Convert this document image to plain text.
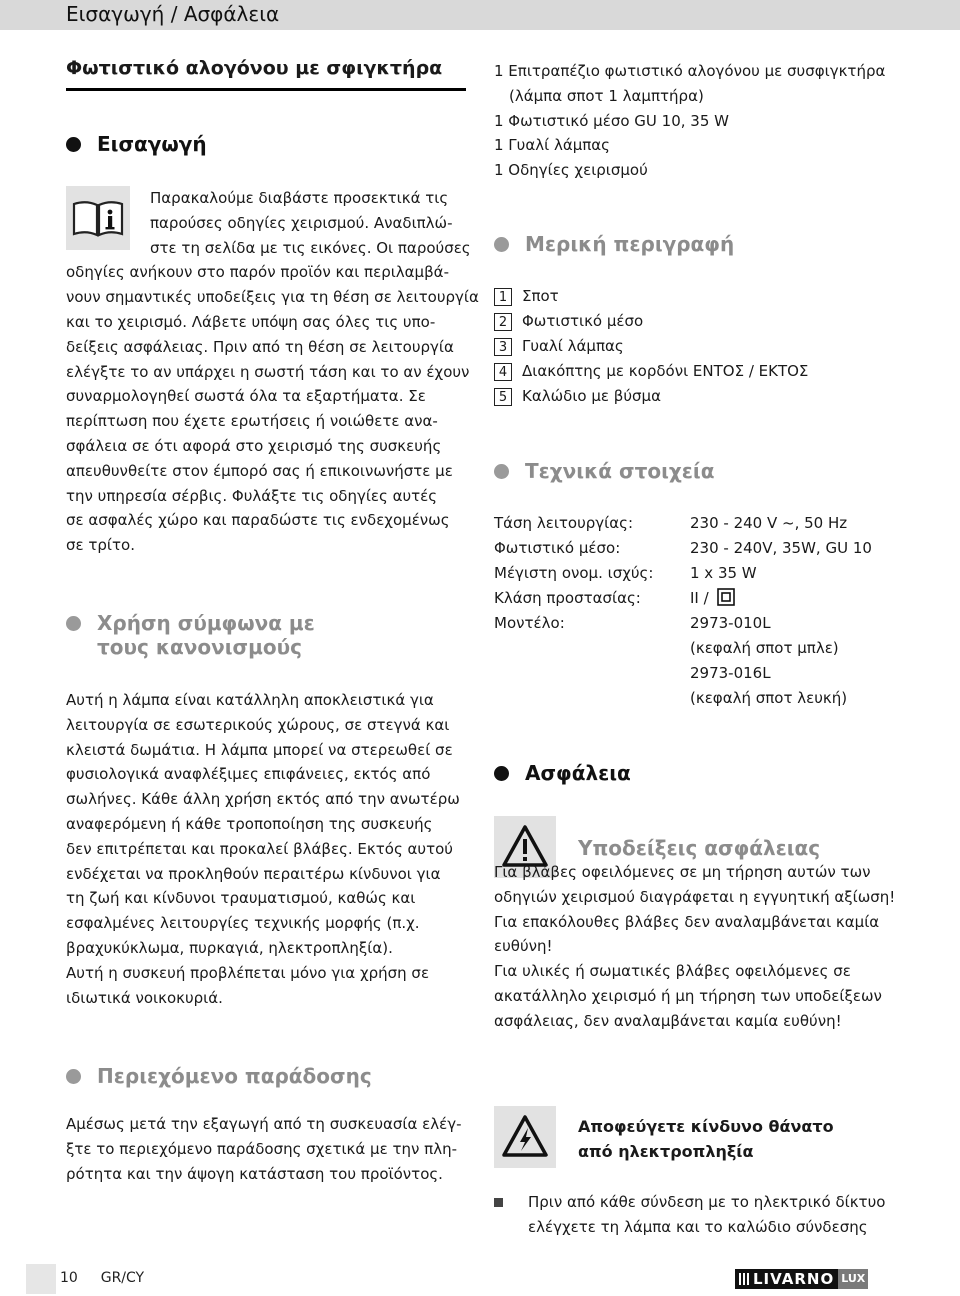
Εισαγωγή / Ασφάλεια
Φωτιστικό αλογόνου με σφιγκτήρα
Εισαγωγή
Παρακαλούμε διαβάστε προσεκτικά τις
παρούσες οδηγίες χειρισμού. Αναδιπλώ-
στε τη σελίδα με τις εικόνες. Οι παρούσες
οδηγίες ανήκουν στο παρόν προϊόν και περιλαμβά-
νουν σημαντικές υποδείξεις για τη θέση σε λειτουργία
και το χειρισμό. Λάβετε υπόψη σας όλες τις υπο-
δείξεις ασφάλειας. Πριν από τη θέση σε λειτουργία
ελέγξτε το αν υπάρχει η σωστή τάση και το αν έχουν
συναρμολογηθεί σωστά όλα τα εξαρτήματα. Σε
περίπτωση που έχετε ερωτήσεις ή νοιώθετε ανα-
σφάλεια σε ότι αφορά στο χειρισμό της συσκευής
απευθυνθείτε στον έμπορό σας ή επικοινωνήστε με
την υπηρεσία σέρβις. Φυλάξτε τις οδηγίες αυτές
σε ασφαλές χώρο και παραδώστε τις ενδεχομένως
σε τρίτο.
Χρήση σύμφωνα με
τους κανονισμούς
Αυτή η λάμπα είναι κατάλληλη αποκλειστικά για
λειτουργία σε εσωτερικούς χώρους, σε στεγνά και
κλειστά δωμάτια. Η λάμπα μπορεί να στερεωθεί σε
φυσιολογικά αναφλέξιμες επιφάνειες, εκτός από
σωλήνες. Κάθε άλλη χρήση εκτός από την ανωτέρω
αναφερόμενη ή κάθε τροποποίηση της συσκευής
δεν επιτρέπεται και προκαλεί βλάβες. Εκτός αυτού
ενδέχεται να προκληθούν περαιτέρω κίνδυνοι για
τη ζωή και κίνδυνοι τραυματισμού, καθώς και
εσφαλμένες λειτουργίες τεχνικής μορφής (π.χ.
βραχυκύκλωμα, πυρκαγιά, ηλεκτροπληξία).
Αυτή η συσκευή προβλέπεται μόνο για χρήση σε
ιδιωτικά νοικοκυριά.
Περιεχόμενο παράδοσης
Αμέσως μετά την εξαγωγή από τη συσκευασία ελέγ-
ξτε το περιεχόμενο παράδοσης σχετικά με την πλη-
ρότητα και την άψογη κατάσταση του προϊόντος.
1 Επιτραπέζιο φωτιστικό αλογόνου με συσφιγκτήρα
(λάμπα σποτ 1 λαμπτήρα)
1 Φωτιστικό μέσο GU 10, 35 W
1 Γυαλί λάμπας
1 Οδηγίες χειρισμού
Μερική περιγραφή
1 Σποτ
2 Φωτιστικό μέσο
3 Γυαλί λάμπας
4 Διακόπτης με κορδόνι ΕΝΤΟΣ / ΕΚΤΟΣ
5 Καλώδιο με βύσμα
Τεχνικά στοιχεία
Τάση λειτουργίας:	230 - 240 V ~, 50 Hz
Φωτιστικό μέσο:	230 - 240V, 35W, GU 10
Μέγιστη ονομ. ισχύς: 1 x 35 W
Κλάση προστασίας:	II /
Μοντέλο:	2973-010L
(κεφαλή σποτ μπλε)
2973-016L
(κεφαλή σποτ λευκή)
Ασφάλεια
Υποδείξεις ασφάλειας
Για βλάβες οφειλόμενες σε μη τήρηση αυτών των
οδηγιών χειρισμού διαγράφεται η εγγυητική αξίωση!
Για επακόλουθες βλάβες δεν αναλαμβάνεται καμία
ευθύνη!
Για υλικές ή σωματικές βλάβες οφειλόμενες σε
ακατάλληλο χειρισμό ή μη τήρηση των υποδείξεων
ασφάλειας, δεν αναλαμβάνεται καμία ευθύνη!
Αποφεύγετε κίνδυνο θάνατο
από ηλεκτροπληξία
Πριν από κάθε σύνδεση με το ηλεκτρικό δίκτυο
ελέγχετε τη λάμπα και το καλώδιο σύνδεσης
10 GR/CY	LIVARNO LUX
